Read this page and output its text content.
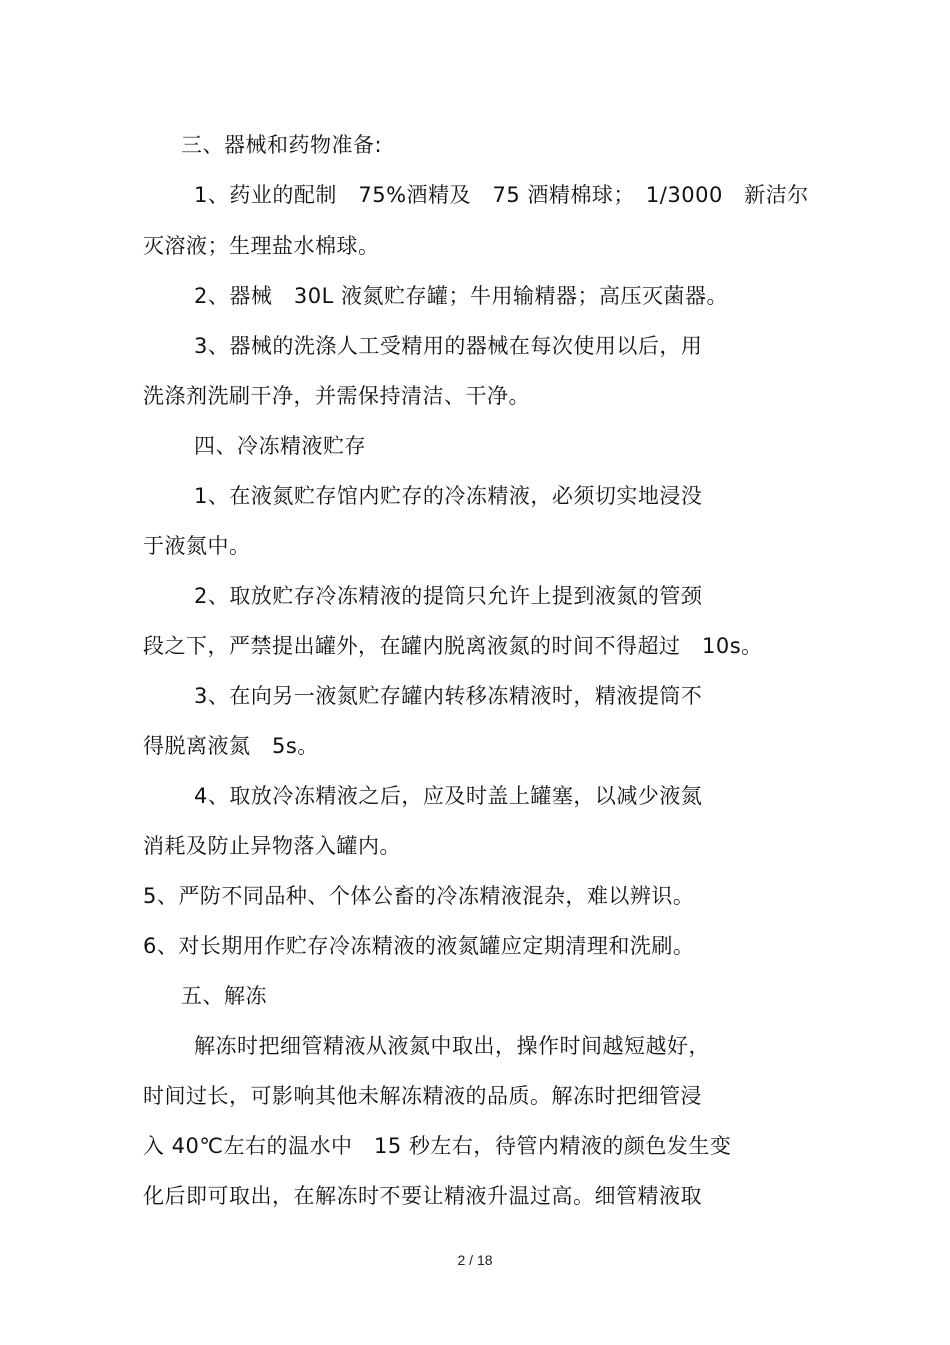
三、器械和药物准备:
1、药业的配制　75%酒精及　75 酒精棉球；　1/3000　新洁尔
灭溶液；生理盐水棉球。
2、器械　30L 液氮贮存罐；牛用输精器；高压灭菌器。
3、器械的洗涤人工受精用的器械在每次使用以后，用
洗涤剂洗刷干净，并需保持清洁、干净。
四、冷冻精液贮存
1、在液氮贮存馆内贮存的冷冻精液，必须切实地浸没
于液氮中。
2、取放贮存冷冻精液的提筒只允许上提到液氮的管颈
段之下，严禁提出罐外，在罐内脱离液氮的时间不得超过　10s。
3、在向另一液氮贮存罐内转移冻精液时，精液提筒不
得脱离液氮　5s。
4、取放冷冻精液之后，应及时盖上罐塞，以减少液氮
消耗及防止异物落入罐内。
5、严防不同品种、个体公畜的冷冻精液混杂，难以辨识。
6、对长期用作贮存冷冻精液的液氮罐应定期清理和洗刷。
五、解冻
解冻时把细管精液从液氮中取出，操作时间越短越好，
时间过长，可影响其他未解冻精液的品质。解冻时把细管浸
入 40℃左右的温水中　15 秒左右，待管内精液的颜色发生变
化后即可取出，在解冻时不要让精液升温过高。细管精液取
2 / 18
